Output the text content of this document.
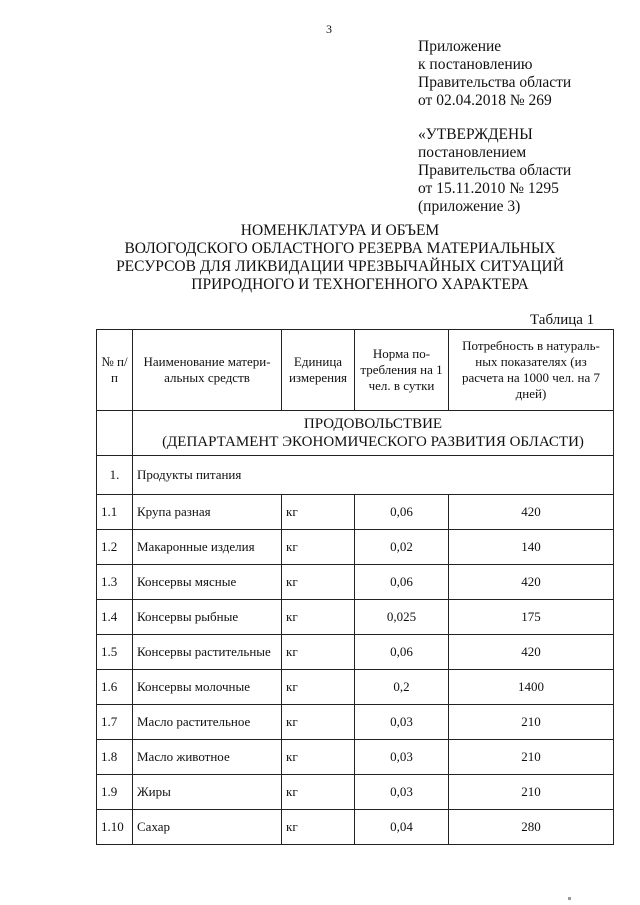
3
Приложение
к постановлению
Правительства области
от 02.04.2018 № 269
«УТВЕРЖДЕНЫ
постановлением
Правительства области
от 15.11.2010 № 1295
(приложение 3)
НОМЕНКЛАТУРА И ОБЪЕМ
ВОЛОГОДСКОГО ОБЛАСТНОГО РЕЗЕРВА МАТЕРИАЛЬНЫХ
РЕСУРСОВ ДЛЯ ЛИКВИДАЦИИ ЧРЕЗВЫЧАЙНЫХ СИТУАЦИЙ
ПРИРОДНОГО И ТЕХНОГЕННОГО ХАРАКТЕРА
Таблица 1
№ п/п	Наименование матери-альных средств	Единица измерения	Норма по-требления на 1 чел. в сутки	Потребность в натураль-ных показателях (из расчета на 1000 чел. на 7 дней)

	ПРОДОВОЛЬСТВИЕ
(ДЕПАРТАМЕНТ ЭКОНОМИЧЕСКОГО РАЗВИТИЯ ОБЛАСТИ)			

1.	Продукты питания			
1.1	Крупа разная	кг	0,06	420
1.2	Макаронные изделия	кг	0,02	140
1.3	Консервы мясные	кг	0,06	420
1.4	Консервы рыбные	кг	0,025	175
1.5	Консервы растительные	кг	0,06	420
1.6	Консервы молочные	кг	0,2	1400
1.7	Масло растительное	кг	0,03	210
1.8	Масло животное	кг	0,03	210
1.9	Жиры	кг	0,03	210
1.10	Сахар	кг	0,04	280
